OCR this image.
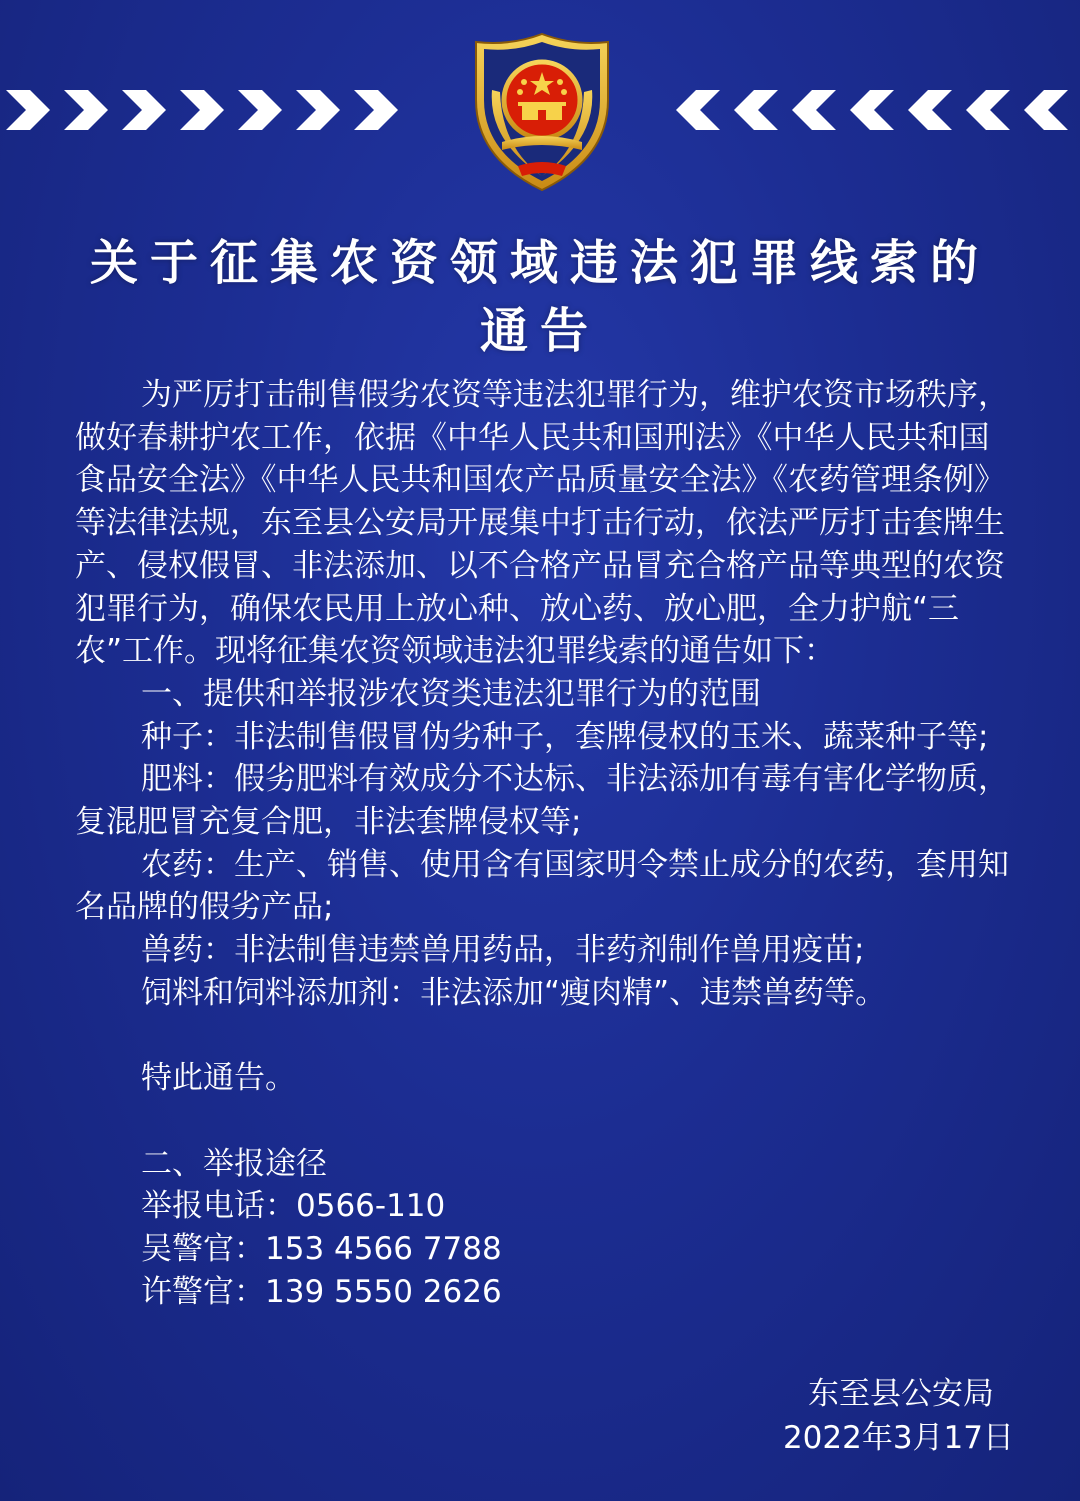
关于征集农资领域违法犯罪线索的
通告

为严厉打击制售假劣农资等违法犯罪行为，维护农资市场秩序，做好春耕护农工作，依据《中华人民共和国刑法》《中华人民共和国食品安全法》《中华人民共和国农产品质量安全法》《农药管理条例》等法律法规，东至县公安局开展集中打击行动，依法严厉打击套牌生产、侵权假冒、非法添加、以不合格产品冒充合格产品等典型的农资犯罪行为，确保农民用上放心种、放心药、放心肥，全力护航“三农”工作。现将征集农资领域违法犯罪线索的通告如下：

一、提供和举报涉农资类违法犯罪行为的范围

种子：非法制售假冒伪劣种子，套牌侵权的玉米、蔬菜种子等;

肥料：假劣肥料有效成分不达标、非法添加有毒有害化学物质，复混肥冒充复合肥，非法套牌侵权等;

农药：生产、销售、使用含有国家明令禁止成分的农药，套用知名品牌的假劣产品;

兽药：非法制售违禁兽用药品，非药剂制作兽用疫苗;

饲料和饲料添加剂：非法添加“瘦肉精”、违禁兽药等。

特此通告。

二、举报途径

举报电话：0566-110

吴警官：153 4566 7788

许警官：139 5550 2626

东至县公安局
2022年3月17日
